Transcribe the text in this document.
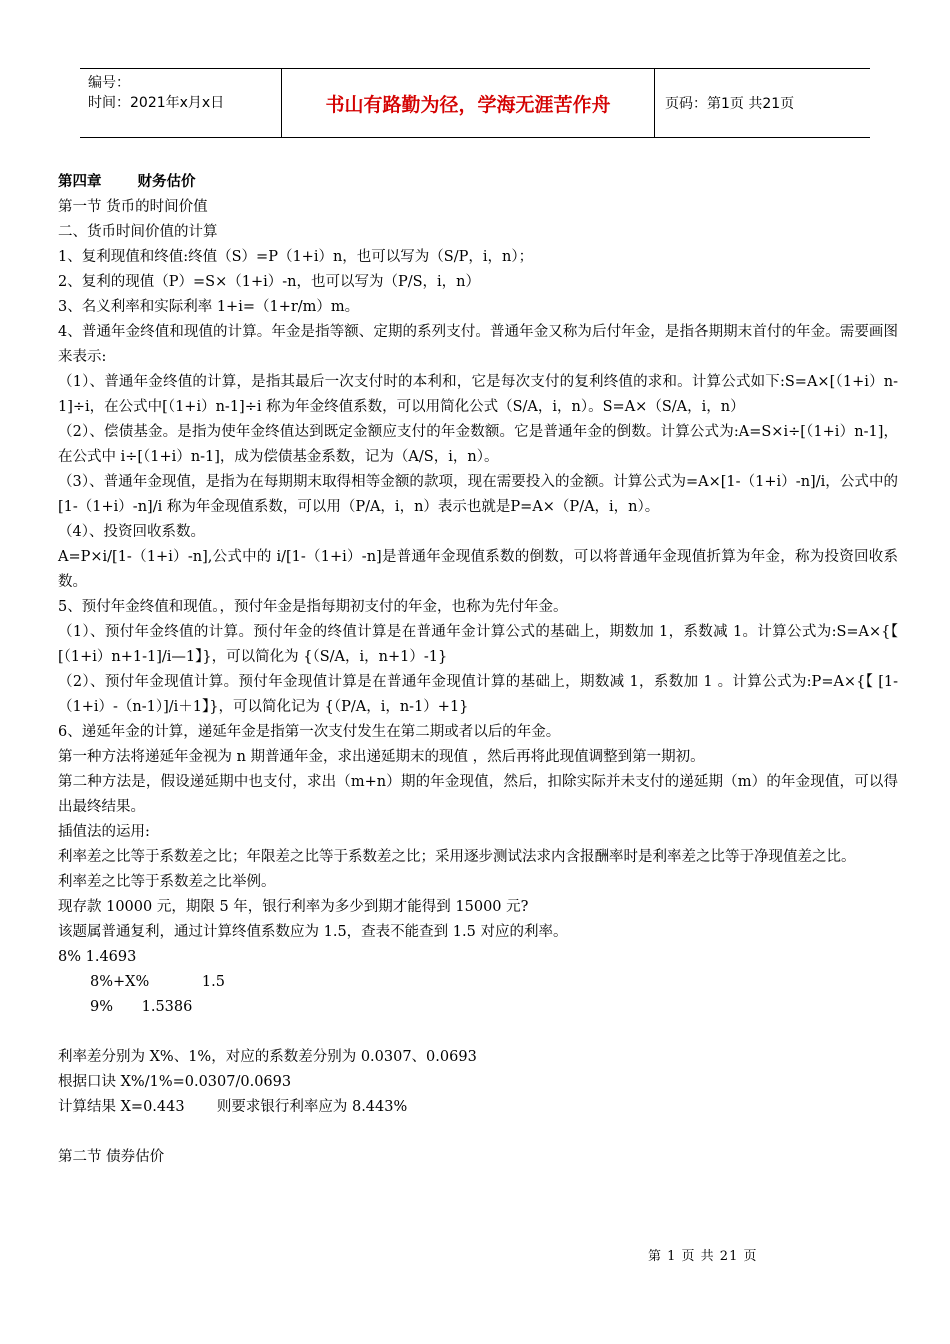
编号：
时间：2021年x月x日	书山有路勤为径，学海无涯苦作舟	页码：第1页 共21页

第四章 财务估价

第一节 货币的时间价值

二、货币时间价值的计算

1、复利现值和终值:终值（S）=P（1+i）n，也可以写为（S/P，i，n）；

2、复利的现值（P）=S×（1+i）-n，也可以写为（P/S，i，n）

3、名义利率和实际利率 1+i=（1+r/m）m。

4、普通年金终值和现值的计算。年金是指等额、定期的系列支付。普通年金又称为后付年金，是指各期期末首付的年金。需要画图来表示:

（1）、普通年金终值的计算，是指其最后一次支付时的本利和，它是每次支付的复利终值的求和。计算公式如下:S=A×[（1+i）n-1]÷i，在公式中[（1+i）n-1]÷i 称为年金终值系数，可以用简化公式（S/A，i，n）。S=A×（S/A，i，n）

（2）、偿债基金。是指为使年金终值达到既定金额应支付的年金数额。它是普通年金的倒数。计算公式为:A=S×i÷[（1+i）n-1]，在公式中 i÷[（1+i）n-1]，成为偿债基金系数，记为（A/S，i，n）。

（3）、普通年金现值，是指为在每期期末取得相等金额的款项，现在需要投入的金额。计算公式为=A×[1-（1+i）-n]/i，公式中的[1-（1+i）-n]/i 称为年金现值系数，可以用（P/A，i，n）表示也就是P=A×（P/A，i，n）。

（4）、投资回收系数。

A=P×i/[1-（1+i）-n],公式中的 i/[1-（1+i）-n]是普通年金现值系数的倒数，可以将普通年金现值折算为年金，称为投资回收系数。

5、预付年金终值和现值。，预付年金是指每期初支付的年金，也称为先付年金。

（1）、预付年金终值的计算。预付年金的终值计算是在普通年金计算公式的基础上，期数加 1，系数减 1。计算公式为:S=A×{【 [（1+i）n+1-1]/i—1】}，可以简化为 {（S/A，i，n+1）-1}

（2）、预付年金现值计算。预付年金现值计算是在普通年金现值计算的基础上，期数减 1，系数加 1 。计算公式为:P=A×{【 [1-（1+i）-（n-1）]/i＋1】}，可以简化记为 {（P/A，i，n-1）+1}

6、递延年金的计算，递延年金是指第一次支付发生在第二期或者以后的年金。

第一种方法将递延年金视为 n 期普通年金，求出递延期末的现值 ，然后再将此现值调整到第一期初。

第二种方法是，假设递延期中也支付，求出（m+n）期的年金现值，然后，扣除实际并未支付的递延期（m）的年金现值，可以得出最终结果。

插值法的运用:

利率差之比等于系数差之比；年限差之比等于系数差之比；采用逐步测试法求内含报酬率时是利率差之比等于净现值差之比。

利率差之比等于系数差之比举例。

现存款 10000 元，期限 5 年，银行利率为多少到期才能得到 15000 元?

该题属普通复利，通过计算终值系数应为 1.5，查表不能查到 1.5 对应的利率。

8% 1.4693

8%+X%	1.5

9% 1.5386

利率差分别为 X%、1%，对应的系数差分别为 0.0307、0.0693

根据口诀 X%/1%=0.0307/0.0693

计算结果 X=0.443       则要求银行利率应为 8.443%

第二节 债券估价

第 1 页 共 21 页
